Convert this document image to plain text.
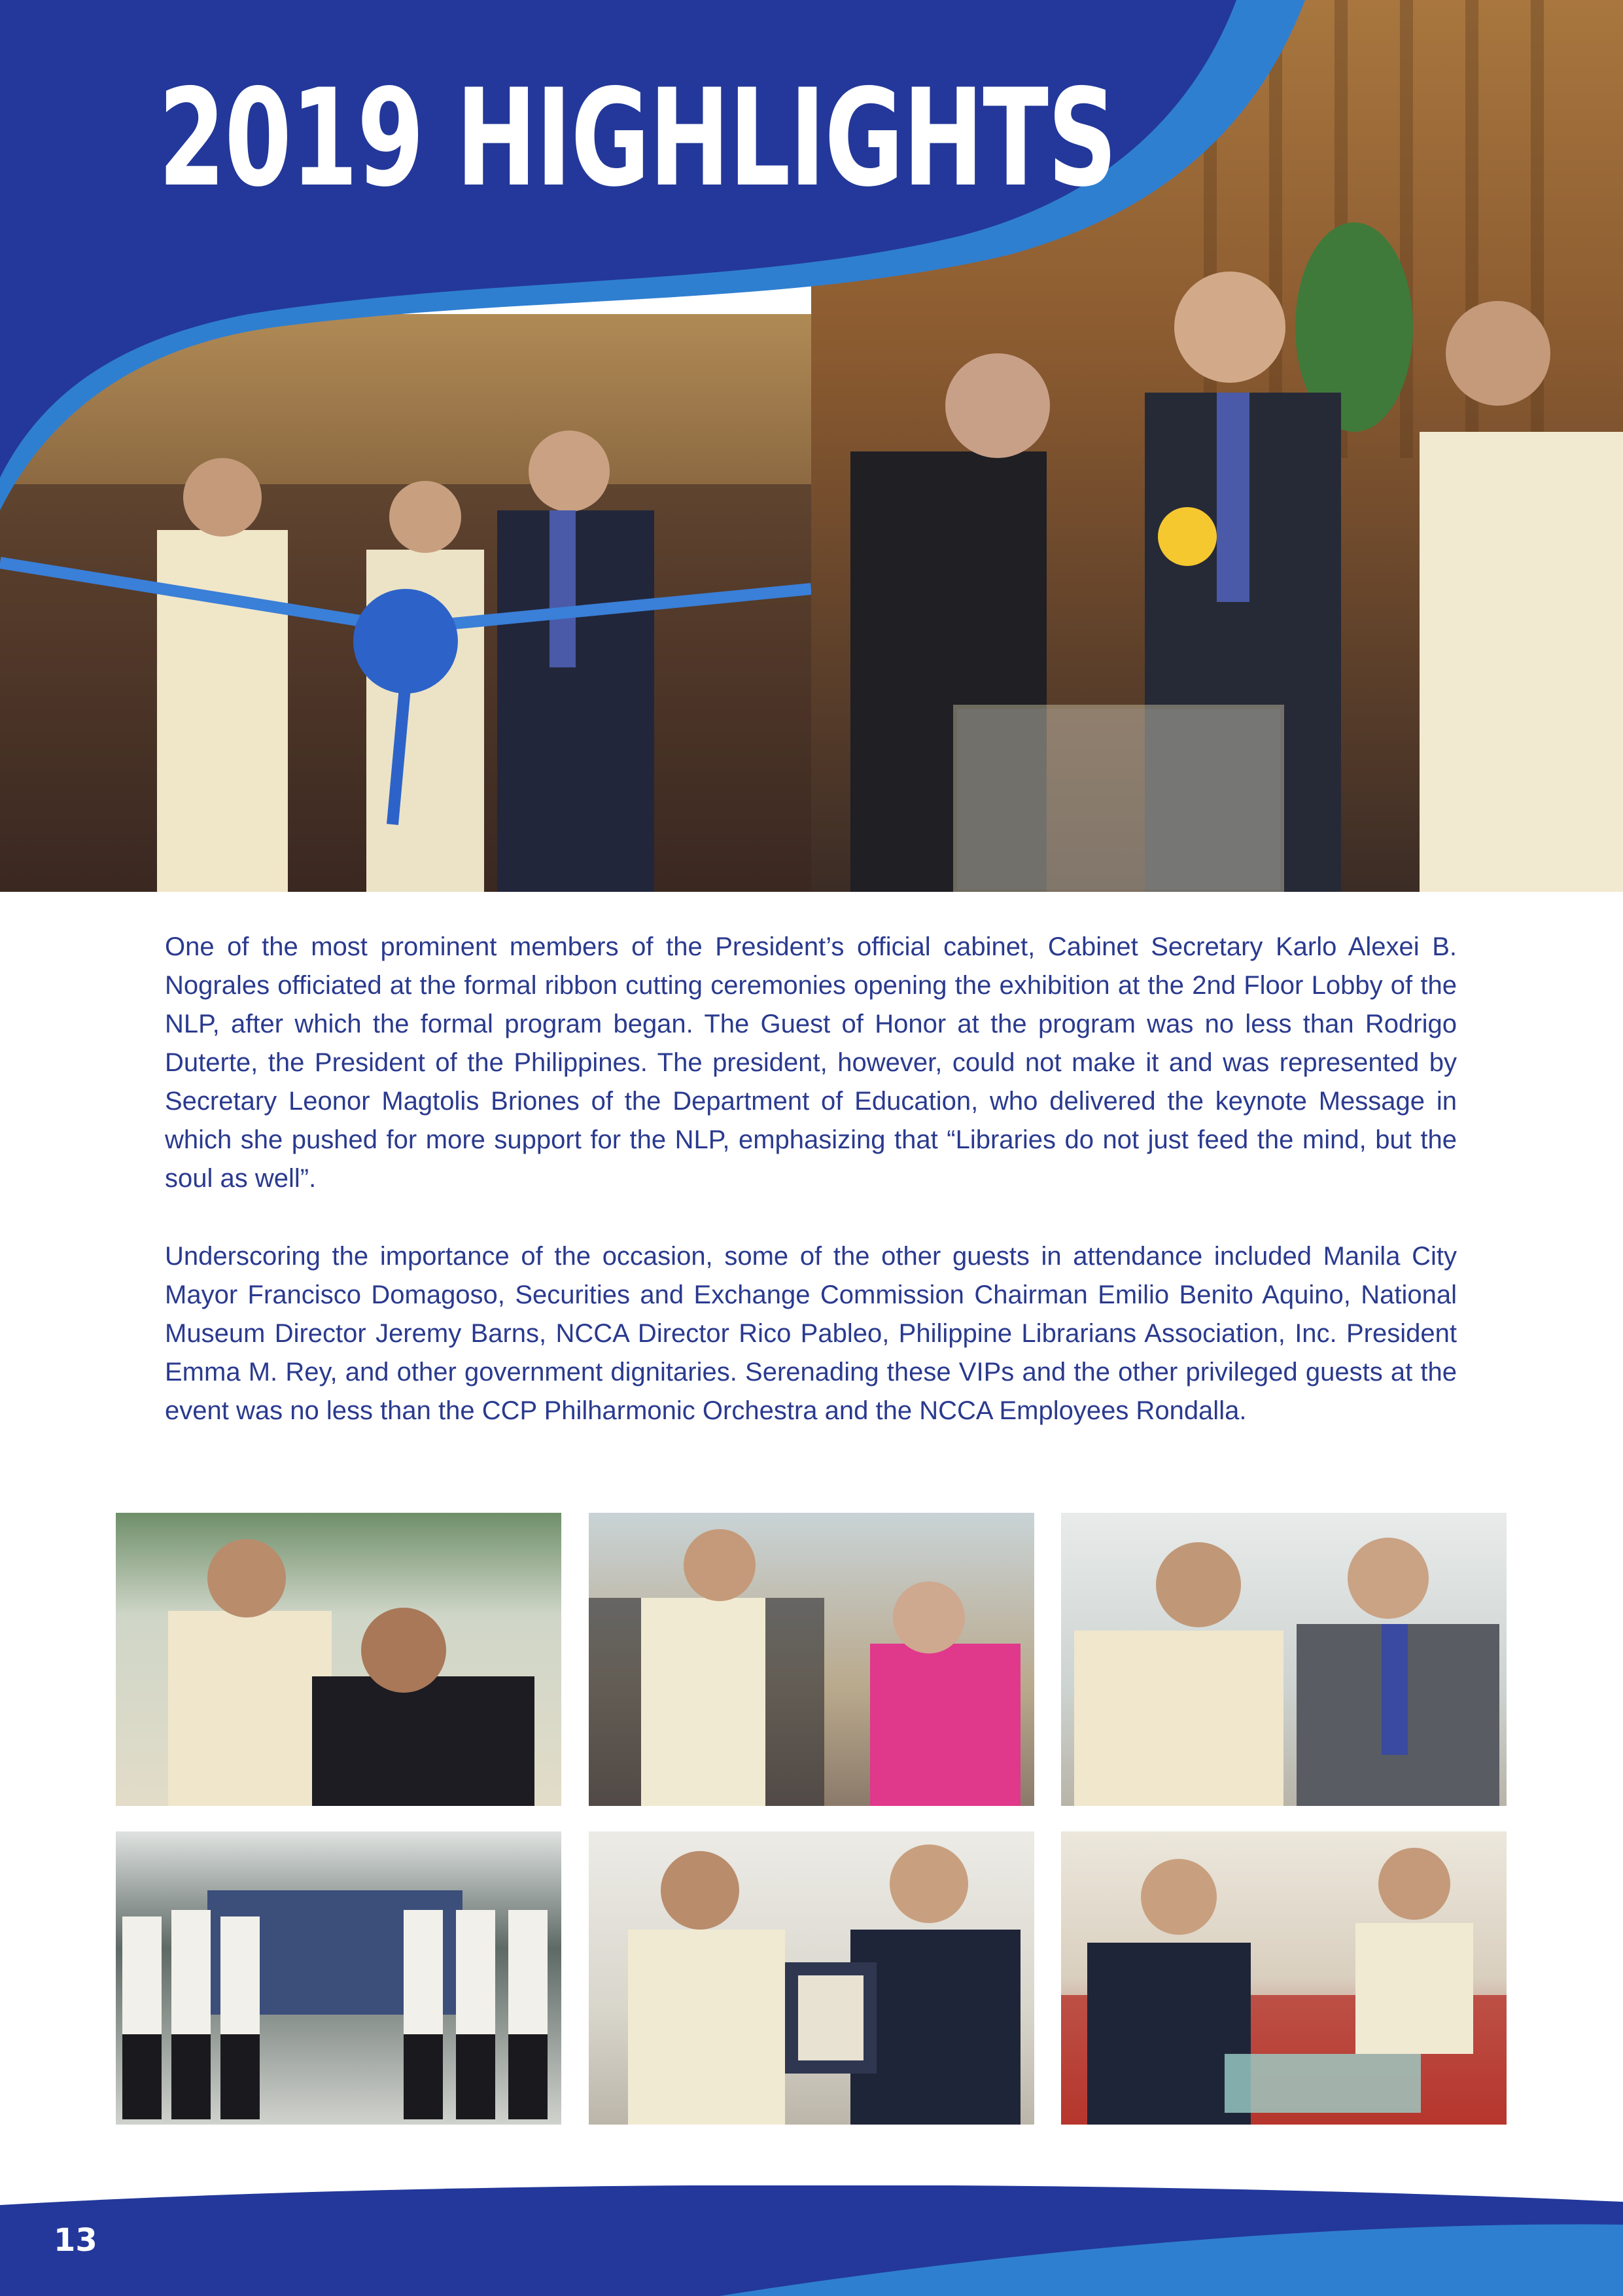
2019 HIGHLIGHTS

One of the most prominent members of the President’s official cabinet, Cabinet Secretary Karlo Alexei B. Nograles officiated at the formal ribbon cutting ceremonies opening the exhibition at the 2nd Floor Lobby of the NLP, after which the formal program began. The Guest of Honor at the program was no less than Rodrigo Duterte, the President of the Philippines. The president, however, could not make it and was represented by Secretary Leonor Magtolis Briones of the Department of Education, who delivered the keynote Message in which she pushed for more support for the NLP, emphasizing that “Libraries do not just feed the mind, but the soul as well”.

Underscoring the importance of the occasion, some of the other guests in attendance included Manila City Mayor Francisco Domagoso, Securities and Exchange Commission Chairman Emilio Benito Aquino, National Museum Director Jeremy Barns, NCCA Director Rico Pableo, Philippine Librarians Association, Inc. President Emma M. Rey, and other government dignitaries. Serenading these VIPs and the other privileged guests at the event was no less than the CCP Philharmonic Orchestra and the NCCA Employees Rondalla.

13
